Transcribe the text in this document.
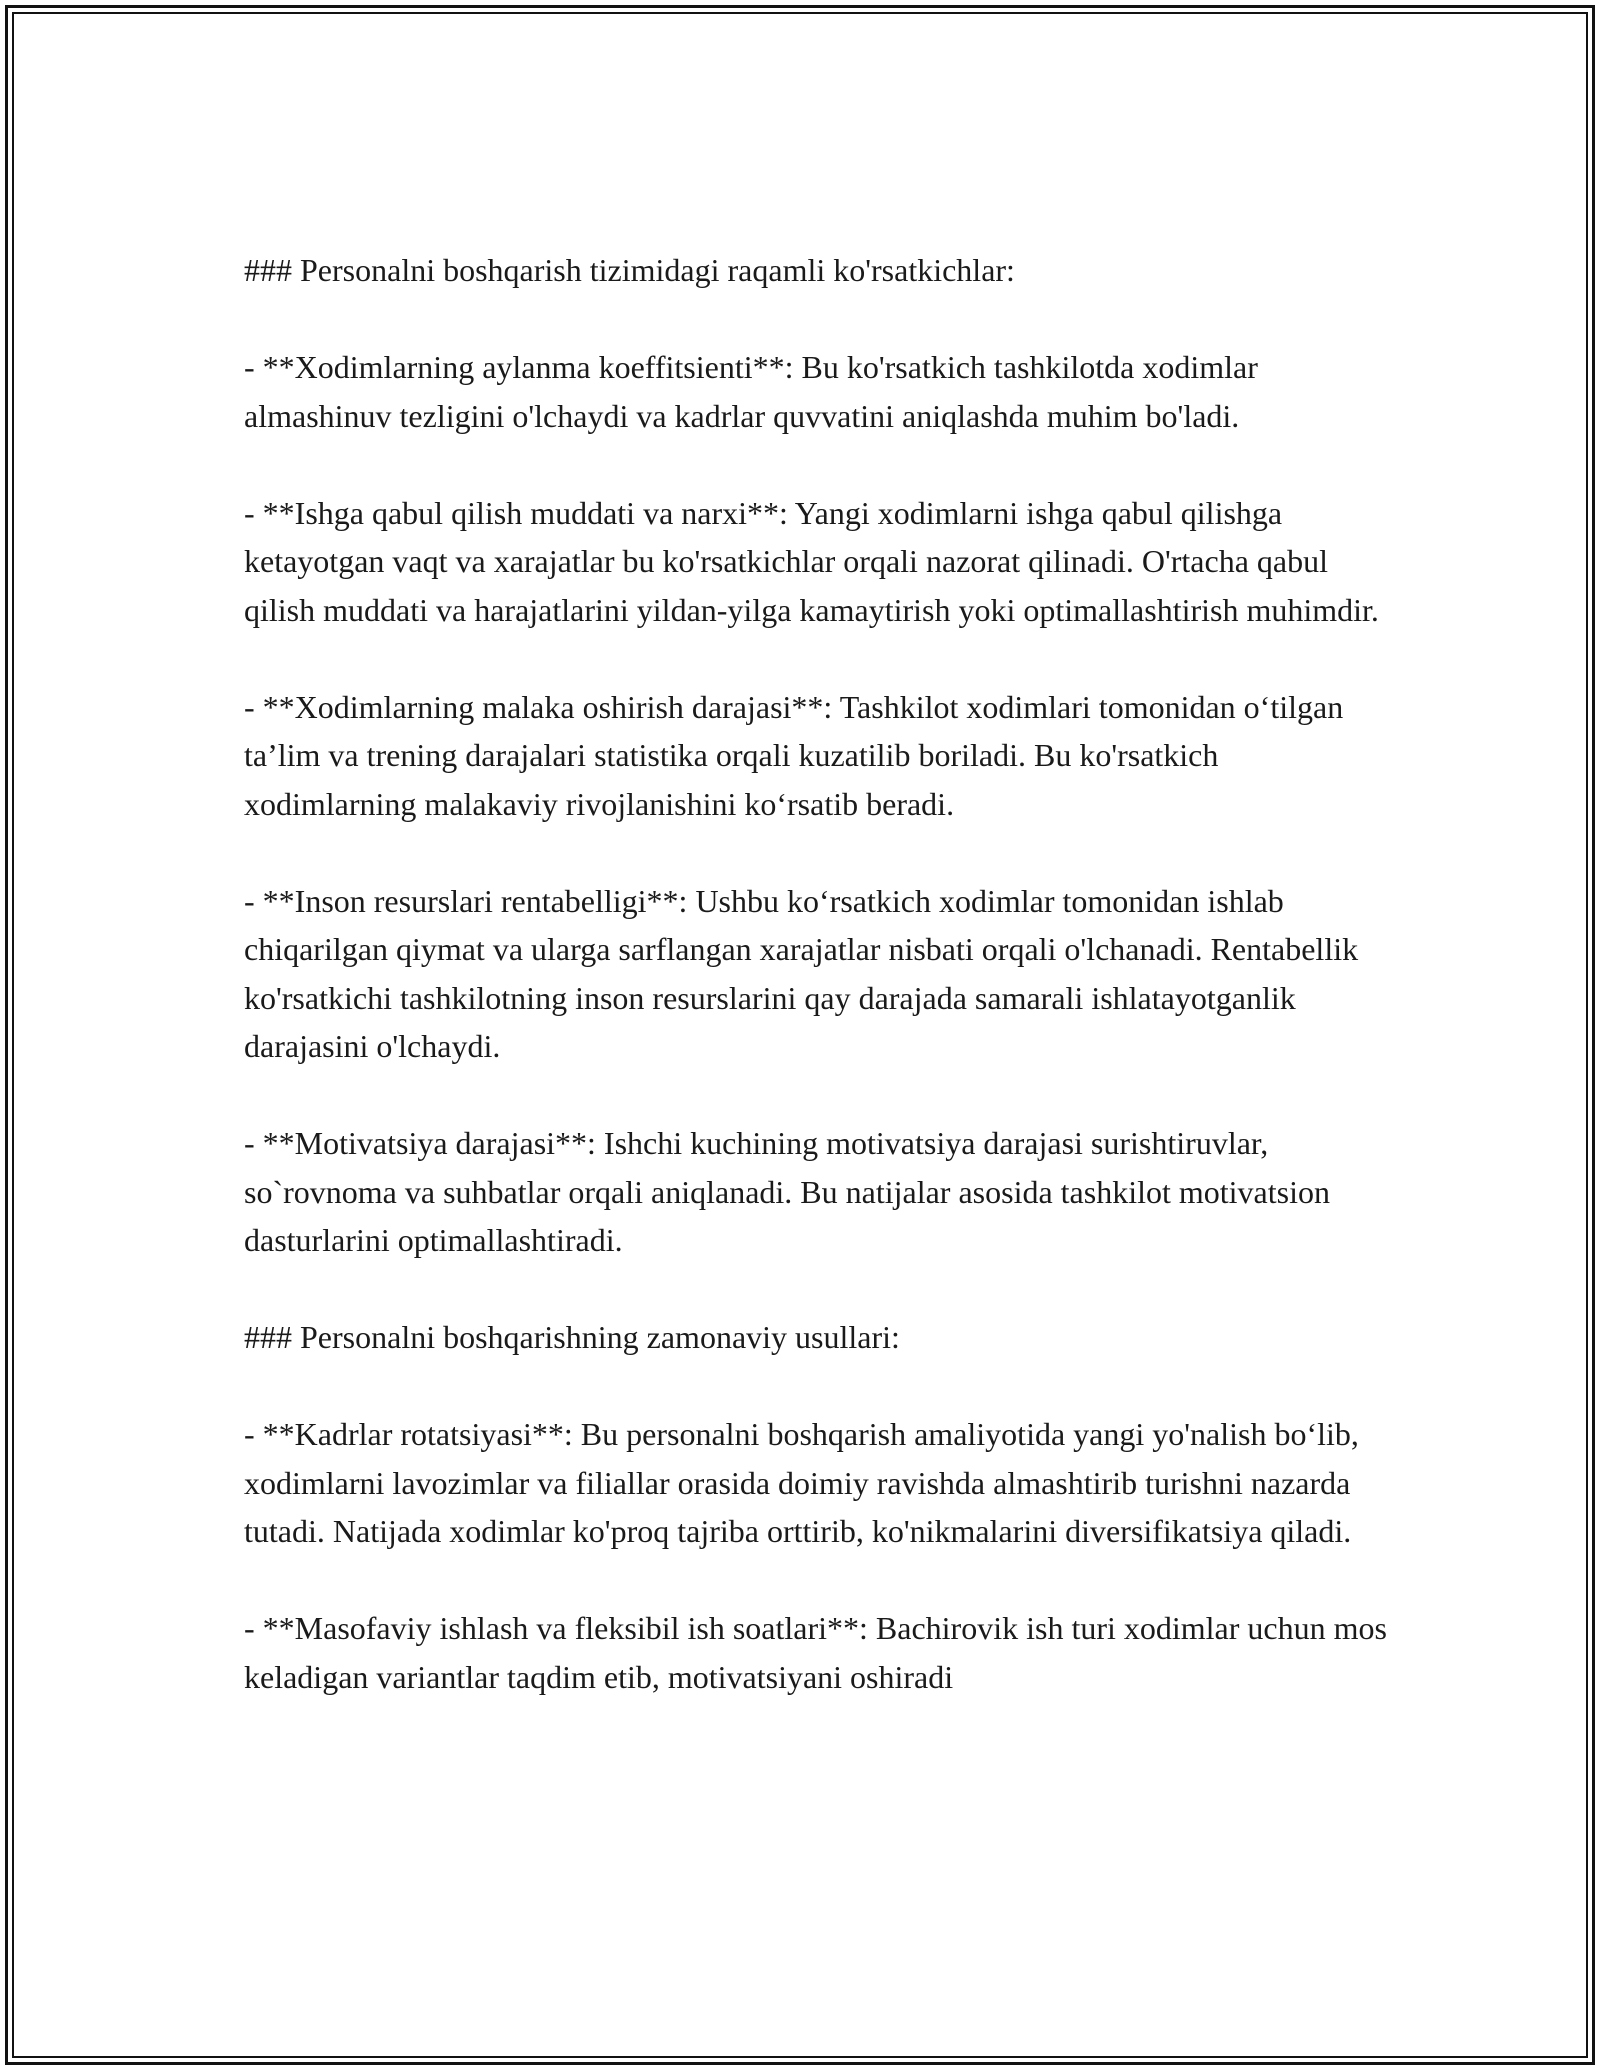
### Personalni boshqarish tizimidagi raqamli ko'rsatkichlar:

- **Xodimlarning aylanma koeffitsienti**: Bu ko'rsatkich tashkilotda xodimlar almashinuv tezligini o'lchaydi va kadrlar quvvatini aniqlashda muhim bo'ladi.

- **Ishga qabul qilish muddati va narxi**: Yangi xodimlarni ishga qabul qilishga ketayotgan vaqt va xarajatlar bu ko'rsatkichlar orqali nazorat qilinadi. O'rtacha qabul qilish muddati va harajatlarini yildan-yilga kamaytirish yoki optimallashtirish muhimdir.

- **Xodimlarning malaka oshirish darajasi**: Tashkilot xodimlari tomonidan o‘tilgan ta’lim va trening darajalari statistika orqali kuzatilib boriladi. Bu ko'rsatkich xodimlarning malakaviy rivojlanishini ko‘rsatib beradi.

- **Inson resurslari rentabelligi**: Ushbu ko‘rsatkich xodimlar tomonidan ishlab chiqarilgan qiymat va ularga sarflangan xarajatlar nisbati orqali o'lchanadi. Rentabellik ko'rsatkichi tashkilotning inson resurslarini qay darajada samarali ishlatayotganlik darajasini o'lchaydi.

- **Motivatsiya darajasi**: Ishchi kuchining motivatsiya darajasi surishtiruvlar, so`rovnoma va suhbatlar orqali aniqlanadi. Bu natijalar asosida tashkilot motivatsion dasturlarini optimallashtiradi.

### Personalni boshqarishning zamonaviy usullari:

- **Kadrlar rotatsiyasi**: Bu personalni boshqarish amaliyotida yangi yo'nalish bo‘lib, xodimlarni lavozimlar va filiallar orasida doimiy ravishda almashtirib turishni nazarda tutadi. Natijada xodimlar ko'proq tajriba orttirib, ko'nikmalarini diversifikatsiya qiladi.

- **Masofaviy ishlash va fleksibil ish soatlari**: Bachirovik ish turi xodimlar uchun mos keladigan variantlar taqdim etib, motivatsiyani oshiradi
